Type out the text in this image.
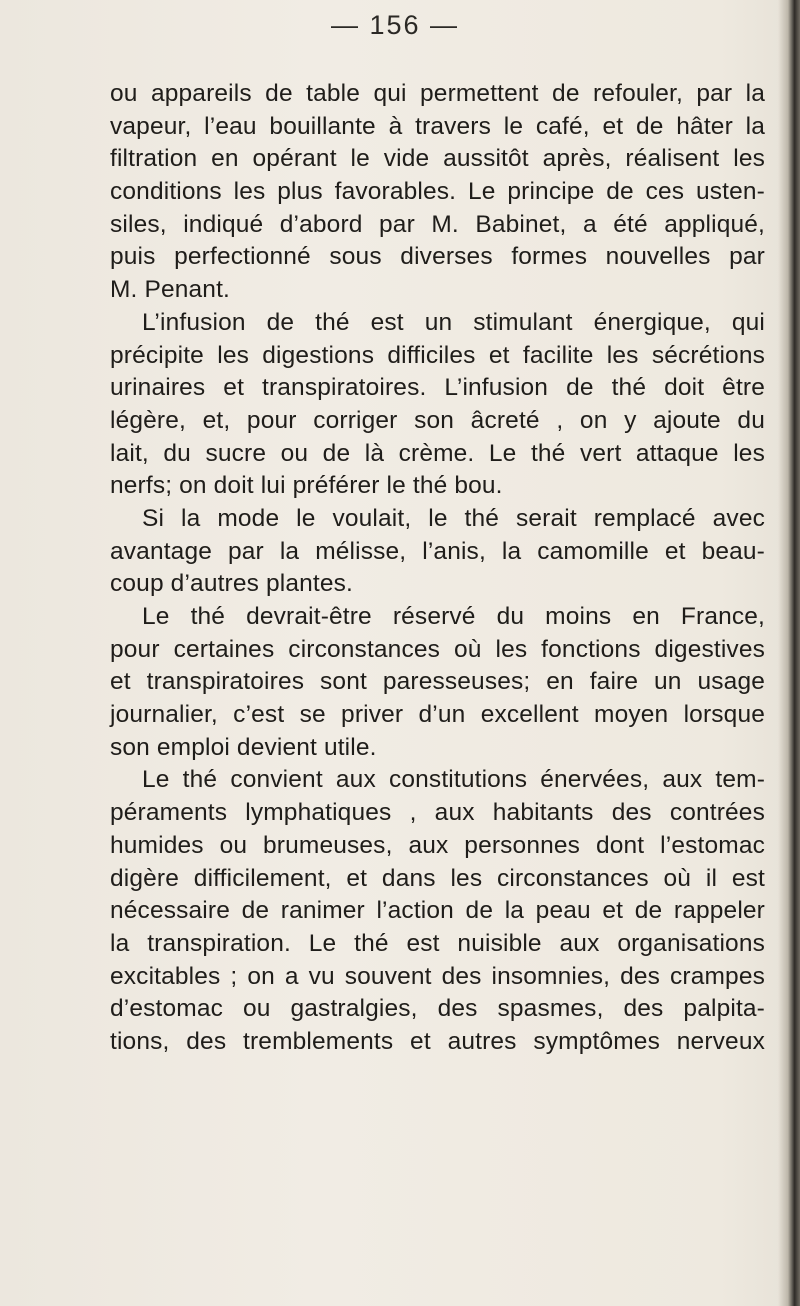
— 156 —
ou appareils de table qui permettent de refouler, par la
vapeur, l’eau bouillante à travers le café, et de hâter la
filtration en opérant le vide aussitôt après, réalisent les
conditions les plus favorables. Le principe de ces usten-
siles, indiqué d’abord par M. Babinet, a été appliqué,
puis perfectionné sous diverses formes nouvelles par
M. Penant.
L’infusion de thé est un stimulant énergique, qui
précipite les digestions difficiles et facilite les sécrétions
urinaires et transpiratoires. L’infusion de thé doit être
légère, et, pour corriger son âcreté , on y ajoute du
lait, du sucre ou de là crème. Le thé vert attaque les
nerfs; on doit lui préférer le thé bou.
Si la mode le voulait, le thé serait remplacé avec
avantage par la mélisse, l’anis, la camomille et beau-
coup d’autres plantes.
Le thé devrait-être réservé du moins en France,
pour certaines circonstances où les fonctions digestives
et transpiratoires sont paresseuses; en faire un usage
journalier, c’est se priver d’un excellent moyen lorsque
son emploi devient utile.
Le thé convient aux constitutions énervées, aux tem-
péraments lymphatiques , aux habitants des contrées
humides ou brumeuses, aux personnes dont l’estomac
digère difficilement, et dans les circonstances où il est
nécessaire de ranimer l’action de la peau et de rappeler
la transpiration. Le thé est nuisible aux organisations
excitables ; on a vu souvent des insomnies, des crampes
d’estomac ou gastralgies, des spasmes, des palpita-
tions, des tremblements et autres symptômes nerveux
